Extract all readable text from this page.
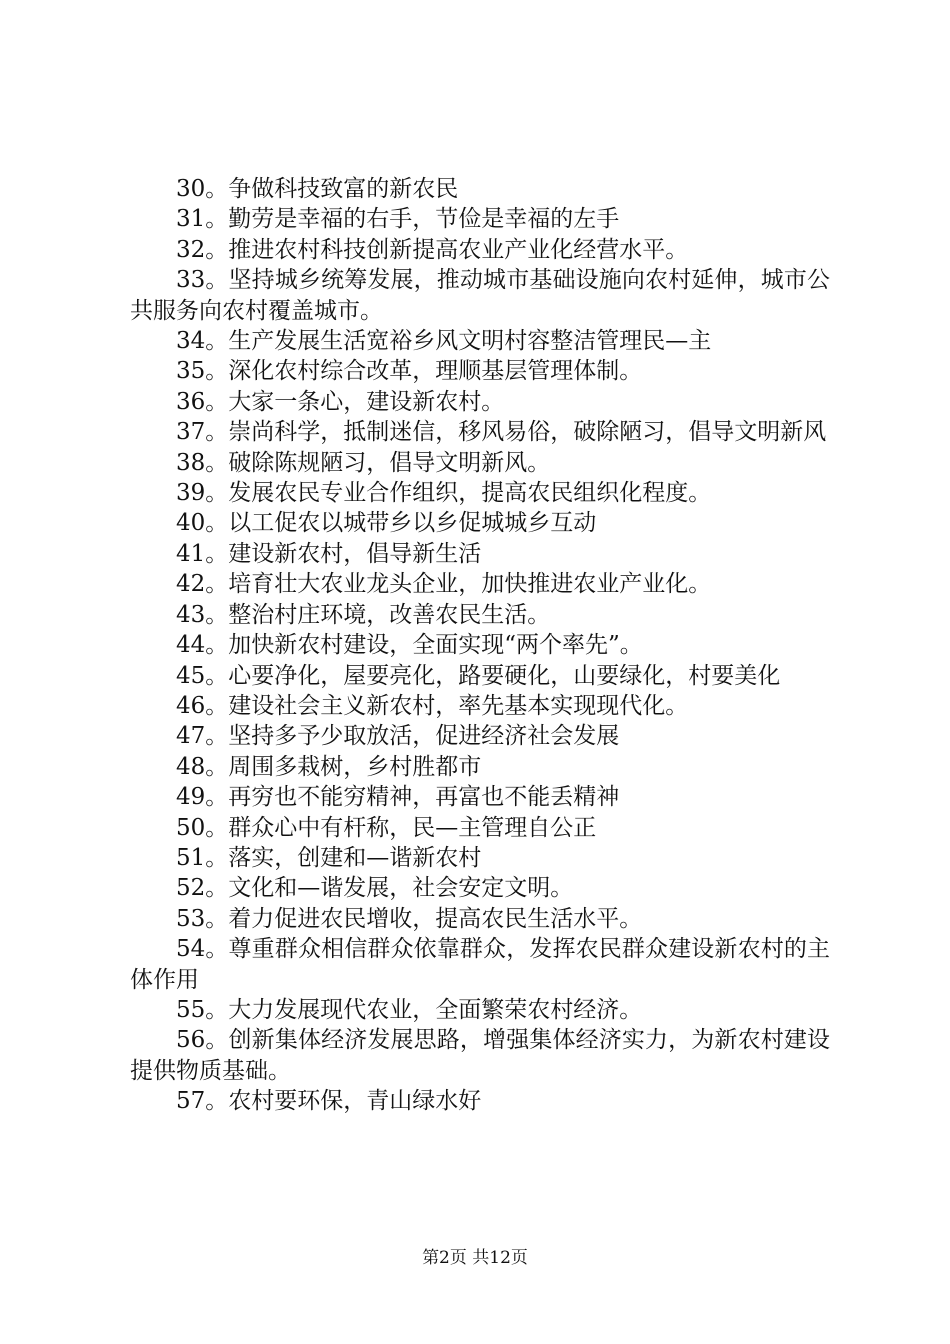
30。争做科技致富的新农民

31。勤劳是幸福的右手，节俭是幸福的左手

32。推进农村科技创新提高农业产业化经营水平。

33。坚持城乡统筹发展，推动城市基础设施向农村延伸，城市公共服务向农村覆盖城市。

34。生产发展生活宽裕乡风文明村容整洁管理民—主

35。深化农村综合改革，理顺基层管理体制。

36。大家一条心，建设新农村。

37。崇尚科学，抵制迷信，移风易俗，破除陋习，倡导文明新风

38。破除陈规陋习，倡导文明新风。

39。发展农民专业合作组织，提高农民组织化程度。

40。以工促农以城带乡以乡促城城乡互动

41。建设新农村，倡导新生活

42。培育壮大农业龙头企业，加快推进农业产业化。

43。整治村庄环境，改善农民生活。

44。加快新农村建设，全面实现“两个率先”。

45。心要净化，屋要亮化，路要硬化，山要绿化，村要美化

46。建设社会主义新农村，率先基本实现现代化。

47。坚持多予少取放活，促进经济社会发展

48。周围多栽树，乡村胜都市

49。再穷也不能穷精神，再富也不能丢精神

50。群众心中有杆称，民—主管理自公正

51。落实，创建和—谐新农村

52。文化和—谐发展，社会安定文明。

53。着力促进农民增收，提高农民生活水平。

54。尊重群众相信群众依靠群众，发挥农民群众建设新农村的主体作用

55。大力发展现代农业，全面繁荣农村经济。

56。创新集体经济发展思路，增强集体经济实力，为新农村建设提供物质基础。

57。农村要环保，青山绿水好

第2页 共12页
